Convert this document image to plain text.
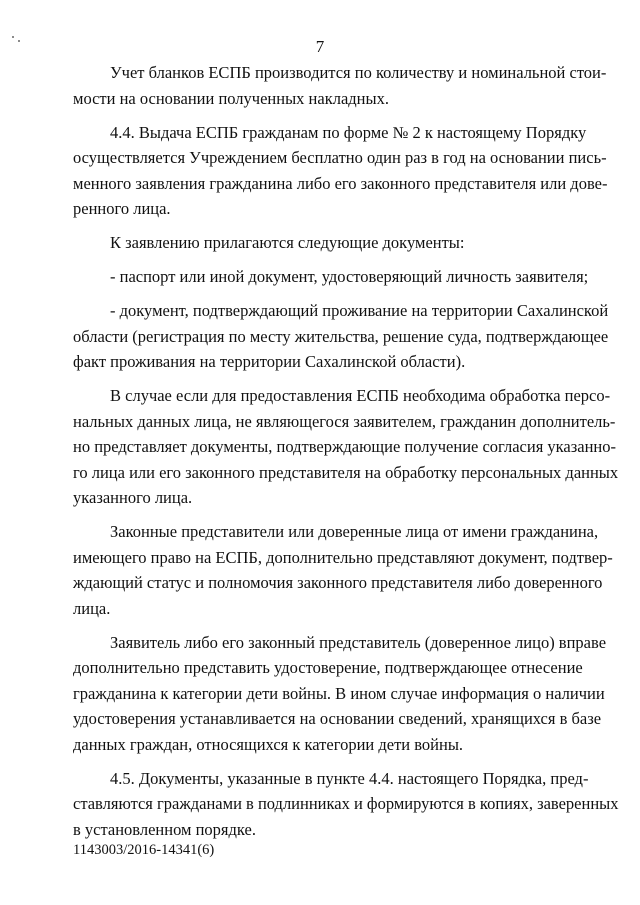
7
Учет бланков ЕСПБ производится по количеству и номинальной стои-
мости на основании полученных накладных.
4.4. Выдача ЕСПБ гражданам по форме № 2 к настоящему Порядку
осуществляется Учреждением бесплатно один раз в год на основании пись-
менного заявления гражданина либо его законного представителя или дове-
ренного лица.
К заявлению прилагаются следующие документы:
- паспорт или иной документ, удостоверяющий личность заявителя;
- документ, подтверждающий проживание на территории Сахалинской
области (регистрация по месту жительства, решение суда, подтверждающее
факт проживания на территории Сахалинской области).
В случае если для предоставления ЕСПБ необходима обработка персо-
нальных данных лица, не являющегося заявителем, гражданин дополнитель-
но представляет документы, подтверждающие получение согласия указанно-
го лица или его законного представителя на обработку персональных данных
указанного лица.
Законные представители или доверенные лица от имени гражданина,
имеющего право на ЕСПБ, дополнительно представляют документ, подтвер-
ждающий статус и полномочия законного представителя либо доверенного
лица.
Заявитель либо его законный представитель (доверенное лицо) вправе
дополнительно представить удостоверение, подтверждающее отнесение
гражданина к категории дети войны. В ином случае информация о наличии
удостоверения устанавливается на основании сведений, хранящихся в базе
данных граждан, относящихся к категории дети войны.
4.5. Документы, указанные в пункте 4.4. настоящего Порядка, пред-
ставляются гражданами в подлинниках и формируются в копиях, заверенных
в установленном порядке.
1143003/2016-14341(6)
